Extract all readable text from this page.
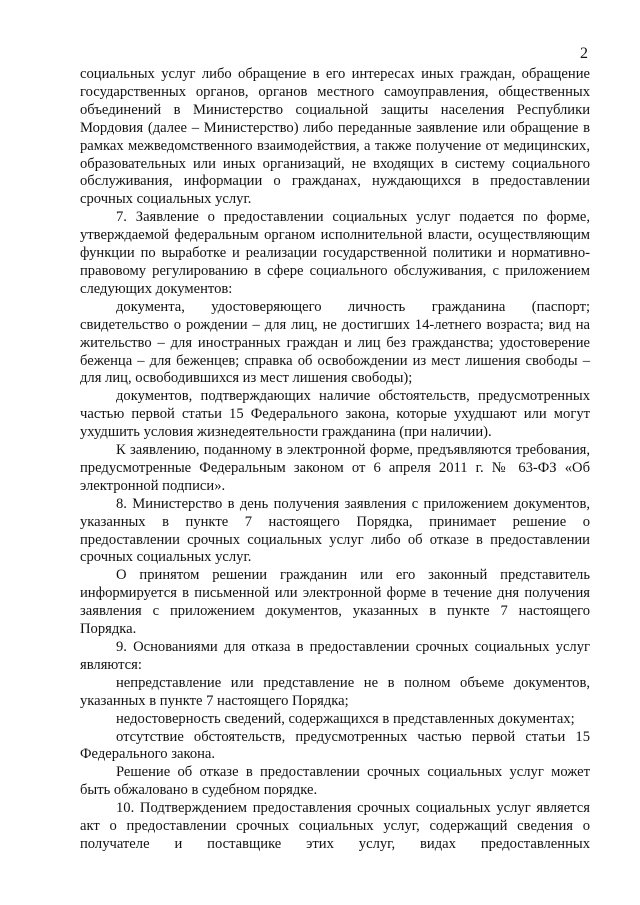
2

социальных услуг либо обращение в его интересах иных граждан, обращение государственных органов, органов местного самоуправления, общественных объединений в Министерство социальной защиты населения Республики Мордовия (далее – Министерство) либо переданные заявление или обращение в рамках межведомственного взаимодействия, а также получение от медицинских, образовательных или иных организаций, не входящих в систему социального обслуживания, информации о гражданах, нуждающихся в предоставлении срочных социальных услуг.

7. Заявление о предоставлении социальных услуг подается по форме, утверждаемой федеральным органом исполнительной власти, осуществляющим функции по выработке и реализации государственной политики и нормативно-правовому регулированию в сфере социального обслуживания, с приложением следующих документов:

документа, удостоверяющего личность гражданина (паспорт; свидетельство о рождении – для лиц, не достигших 14-летнего возраста; вид на жительство – для иностранных граждан и лиц без гражданства; удостоверение беженца – для беженцев; справка об освобождении из мест лишения свободы – для лиц, освободившихся из мест лишения свободы);

документов, подтверждающих наличие обстоятельств, предусмотренных частью первой статьи 15 Федерального закона, которые ухудшают или могут ухудшить условия жизнедеятельности гражданина (при наличии).

К заявлению, поданному в электронной форме, предъявляются требования, предусмотренные Федеральным законом от 6 апреля 2011 г. № 63-ФЗ «Об электронной подписи».

8. Министерство в день получения заявления с приложением документов, указанных в пункте 7 настоящего Порядка, принимает решение о предоставлении срочных социальных услуг либо об отказе в предоставлении срочных социальных услуг.

О принятом решении гражданин или его законный представитель информируется в письменной или электронной форме в течение дня получения заявления с приложением документов, указанных в пункте 7 настоящего Порядка.

9. Основаниями для отказа в предоставлении срочных социальных услуг являются:

непредставление или представление не в полном объеме документов, указанных в пункте 7 настоящего Порядка;

недостоверность сведений, содержащихся в представленных документах;

отсутствие обстоятельств, предусмотренных частью первой статьи 15 Федерального закона.

Решение об отказе в предоставлении срочных социальных услуг может быть обжаловано в судебном порядке.

10. Подтверждением предоставления срочных социальных услуг является акт о предоставлении срочных социальных услуг, содержащий сведения о получателе и поставщике этих услуг, видах предоставленных
